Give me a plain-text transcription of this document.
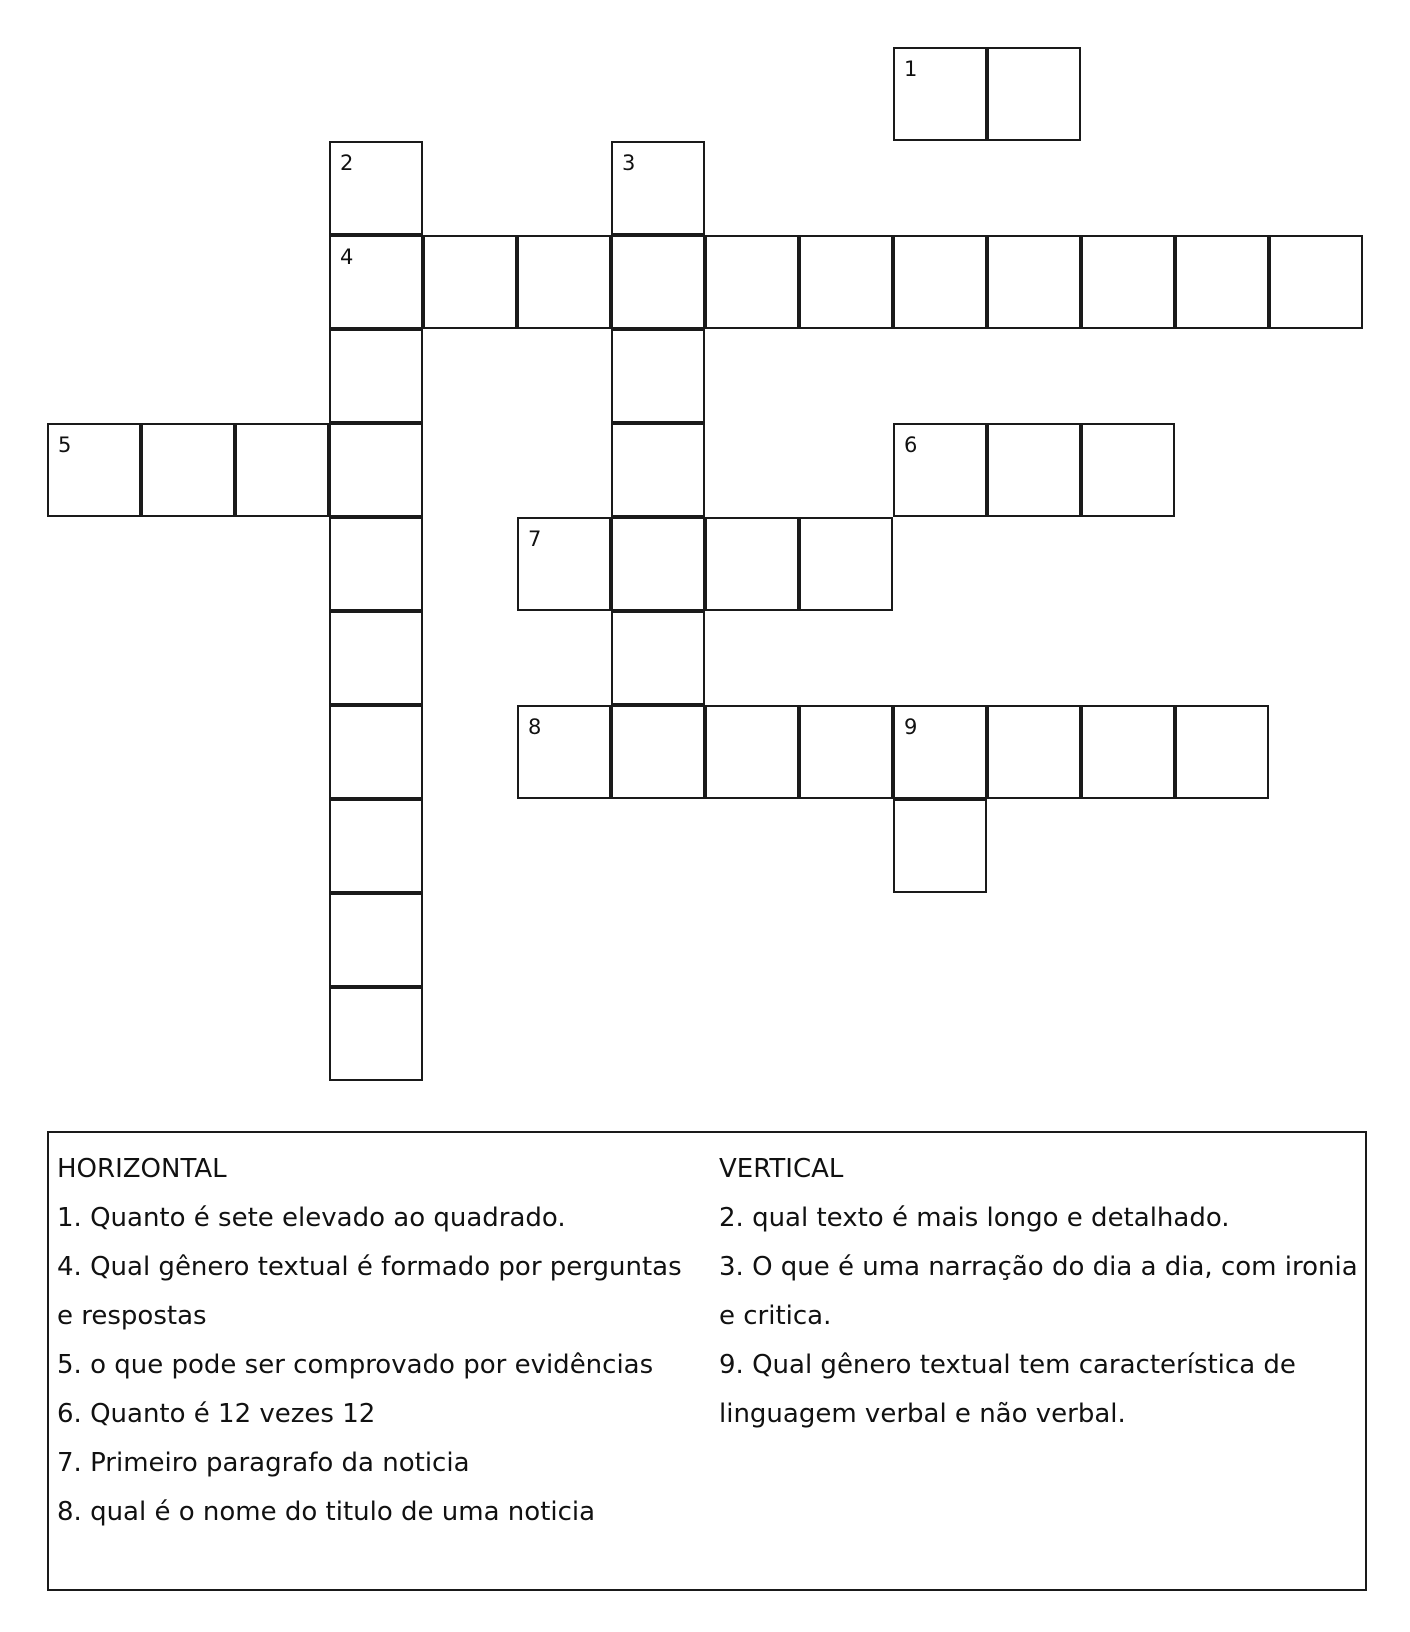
1
2
4
3
5	6
7
8	9
HORIZONTAL
1. Quanto é sete elevado ao quadrado.
4. Qual gênero textual é formado por perguntas e respostas
5. o que pode ser comprovado por evidências
6. Quanto é 12 vezes 12
7. Primeiro paragrafo da noticia
8. qual é o nome do titulo de uma noticia
VERTICAL
2. qual texto é mais longo e detalhado.
3. O que é uma narração do dia a dia, com ironia e critica.
9. Qual gênero textual tem característica de linguagem verbal e não verbal.
